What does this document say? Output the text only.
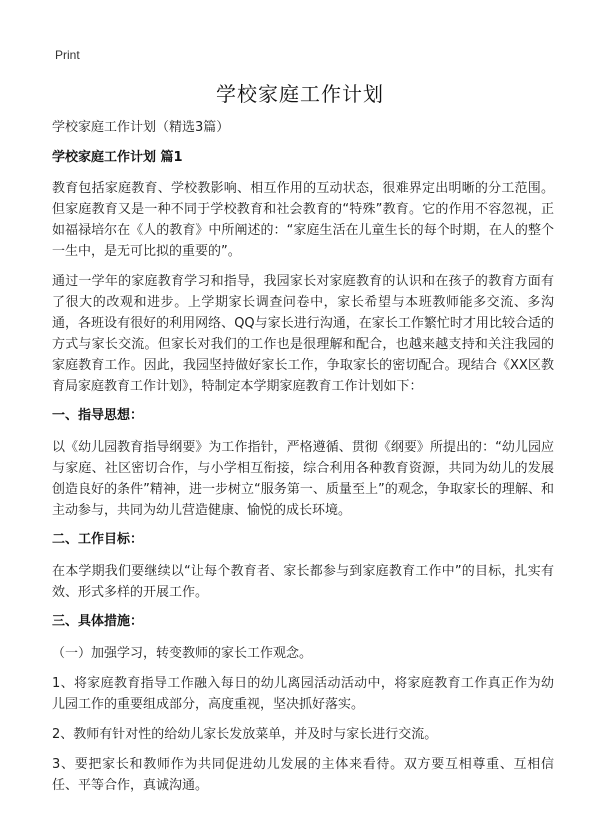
Print
学校家庭工作计划
学校家庭工作计划（精选3篇）
学校家庭工作计划 篇1
教育包括家庭教育、学校教影响、相互作用的互动状态，很难界定出明晰的分工范围。但家庭教育又是一种不同于学校教育和社会教育的“特殊”教育。它的作用不容忽视，正如福禄培尔在《人的教育》中所阐述的：“家庭生活在儿童生长的每个时期，在人的整个一生中，是无可比拟的重要的”。
通过一学年的家庭教育学习和指导，我园家长对家庭教育的认识和在孩子的教育方面有了很大的改观和进步。上学期家长调查问卷中，家长希望与本班教师能多交流、多沟通，各班设有很好的利用网络、QQ与家长进行沟通，在家长工作繁忙时才用比较合适的方式与家长交流。但家长对我们的工作也是很理解和配合，也越来越支持和关注我园的家庭教育工作。因此，我园坚持做好家长工作，争取家长的密切配合。现结合《XX区教育局家庭教育工作计划》，特制定本学期家庭教育工作计划如下：
一、指导思想：
以《幼儿园教育指导纲要》为工作指针，严格遵循、贯彻《纲要》所提出的：“幼儿园应与家庭、社区密切合作，与小学相互衔接，综合利用各种教育资源，共同为幼儿的发展创造良好的条件”精神，进一步树立“服务第一、质量至上”的观念，争取家长的理解、和主动参与，共同为幼儿营造健康、愉悦的成长环境。
二、工作目标：
在本学期我们要继续以“让每个教育者、家长都参与到家庭教育工作中”的目标，扎实有效、形式多样的开展工作。
三、具体措施：
（一）加强学习，转变教师的家长工作观念。
1、将家庭教育指导工作融入每日的幼儿离园活动活动中，将家庭教育工作真正作为幼儿园工作的重要组成部分，高度重视，坚决抓好落实。
2、教师有针对性的给幼儿家长发放菜单，并及时与家长进行交流。
3、要把家长和教师作为共同促进幼儿发展的主体来看待。双方要互相尊重、互相信任、平等合作，真诚沟通。
